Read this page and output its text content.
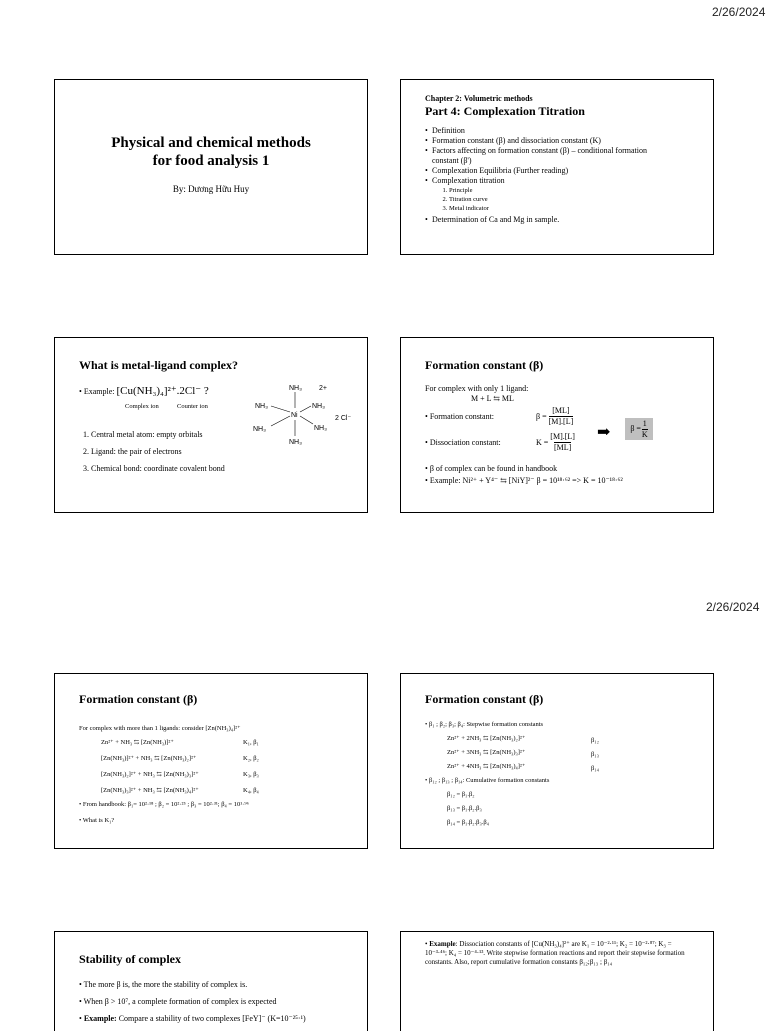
2/26/2024
2/26/2024
Physical and chemical methods
for food analysis 1
By: Dương Hữu Huy
Chapter 2: Volumetric methods
Part 4: Complexation Titration
• Definition
• Formation constant (β) and dissociation constant (K)
• Factors affecting on formation constant (β) – conditional formation
constant (β')
• Complexation Equilibria (Further reading)
• Complexation titration
1. Principle
2. Titration curve
3. Metal indicator
• Determination of Ca and Mg in sample.
What is metal-ligand complex?
• Example: [Cu(NH₃)₄]²⁺.2Cl⁻ ?
Complex ion	Counter ion
1. Central metal atom: empty orbitals
2. Ligand: the pair of electrons
3. Chemical bond: coordinate covalent bond
Ni
NH₃
NH₃
NH₃	NH₃
NH₃	NH₃
2+
2 Cl⁻
Formation constant (β)
For complex with only 1 ligand:
M + L ⇆ ML
• Formation constant:	$\beta = \frac{[ML]}{[M].[L]}$
• Dissociation constant:	$K = \frac{[M].[L]}{[ML]}$ ➡ $\beta = \frac{1}{K}$
• β of complex can be found in handbook
• Example: Ni²⁺ + Y⁴⁻ ⇆ [NiY]²⁻ β = 10¹⁸·⁶² => K = 10⁻¹⁸·⁶²
Formation constant (β)
For complex with more than 1 ligands: consider [Zn(NH₃)₄]²⁺
Zn²⁺ + NH₃ ⇆ [Zn(NH₃)]²⁺	K₁, β₁
[Zn(NH₃)]²⁺ + NH₃ ⇆ [Zn(NH₃)₂]²⁺	K₂, β₂
[Zn(NH₃)₂]²⁺ + NH₃ ⇆ [Zn(NH₃)₃]²⁺	K₃, β₃
[Zn(NH₃)₃]²⁺ + NH₃ ⇆ [Zn(NH₃)₄]²⁺	K₄, β₄
• From handbook: β₁= 10²·¹⁸ ; β₂ = 10²·²⁵ ; β₃ = 10²·³¹; β₄ = 10¹·⁹⁶
• What is K₁?
Formation constant (β)
• β₁ ; β₂; β₃; β₄: Stepwise formation constants
Zn²⁺ + 2NH₃ ⇆ [Zn(NH₃)₂]²⁺	β₁₂
Zn²⁺ + 3NH₃ ⇆ [Zn(NH₃)₃]²⁺	β₁₃
Zn²⁺ + 4NH₃ ⇆ [Zn(NH₃)₄]²⁺	β₁₄
• β₁₂ ; β₁₃ ; β₁₄: Cumulative formation constants
β₁₂ = β₁.β₂
β₁₃ = β₁.β₂.β₃
β₁₄ = β₁.β₂.β₃.β₄
Stability of complex
• The more β is, the more the stability of complex is.
• When β > 10⁷, a complete formation of complex is expected
• Example: Compare a stability of two complexes [FeY]⁻ (K=10⁻²⁵·¹)
• Example: Dissociation constants of [Cu(NH₃)₄]²⁺ are K₁ = 10⁻²·¹¹; K₂ = 10⁻²·⁸⁷; K₃ = 10⁻³·⁴⁶; K₄ = 10⁻⁴·¹³. Write stepwise formation reactions and report their stepwise formation constants. Also, report cumulative formation constants β₁₂;β₁₃ ; β₁₄
